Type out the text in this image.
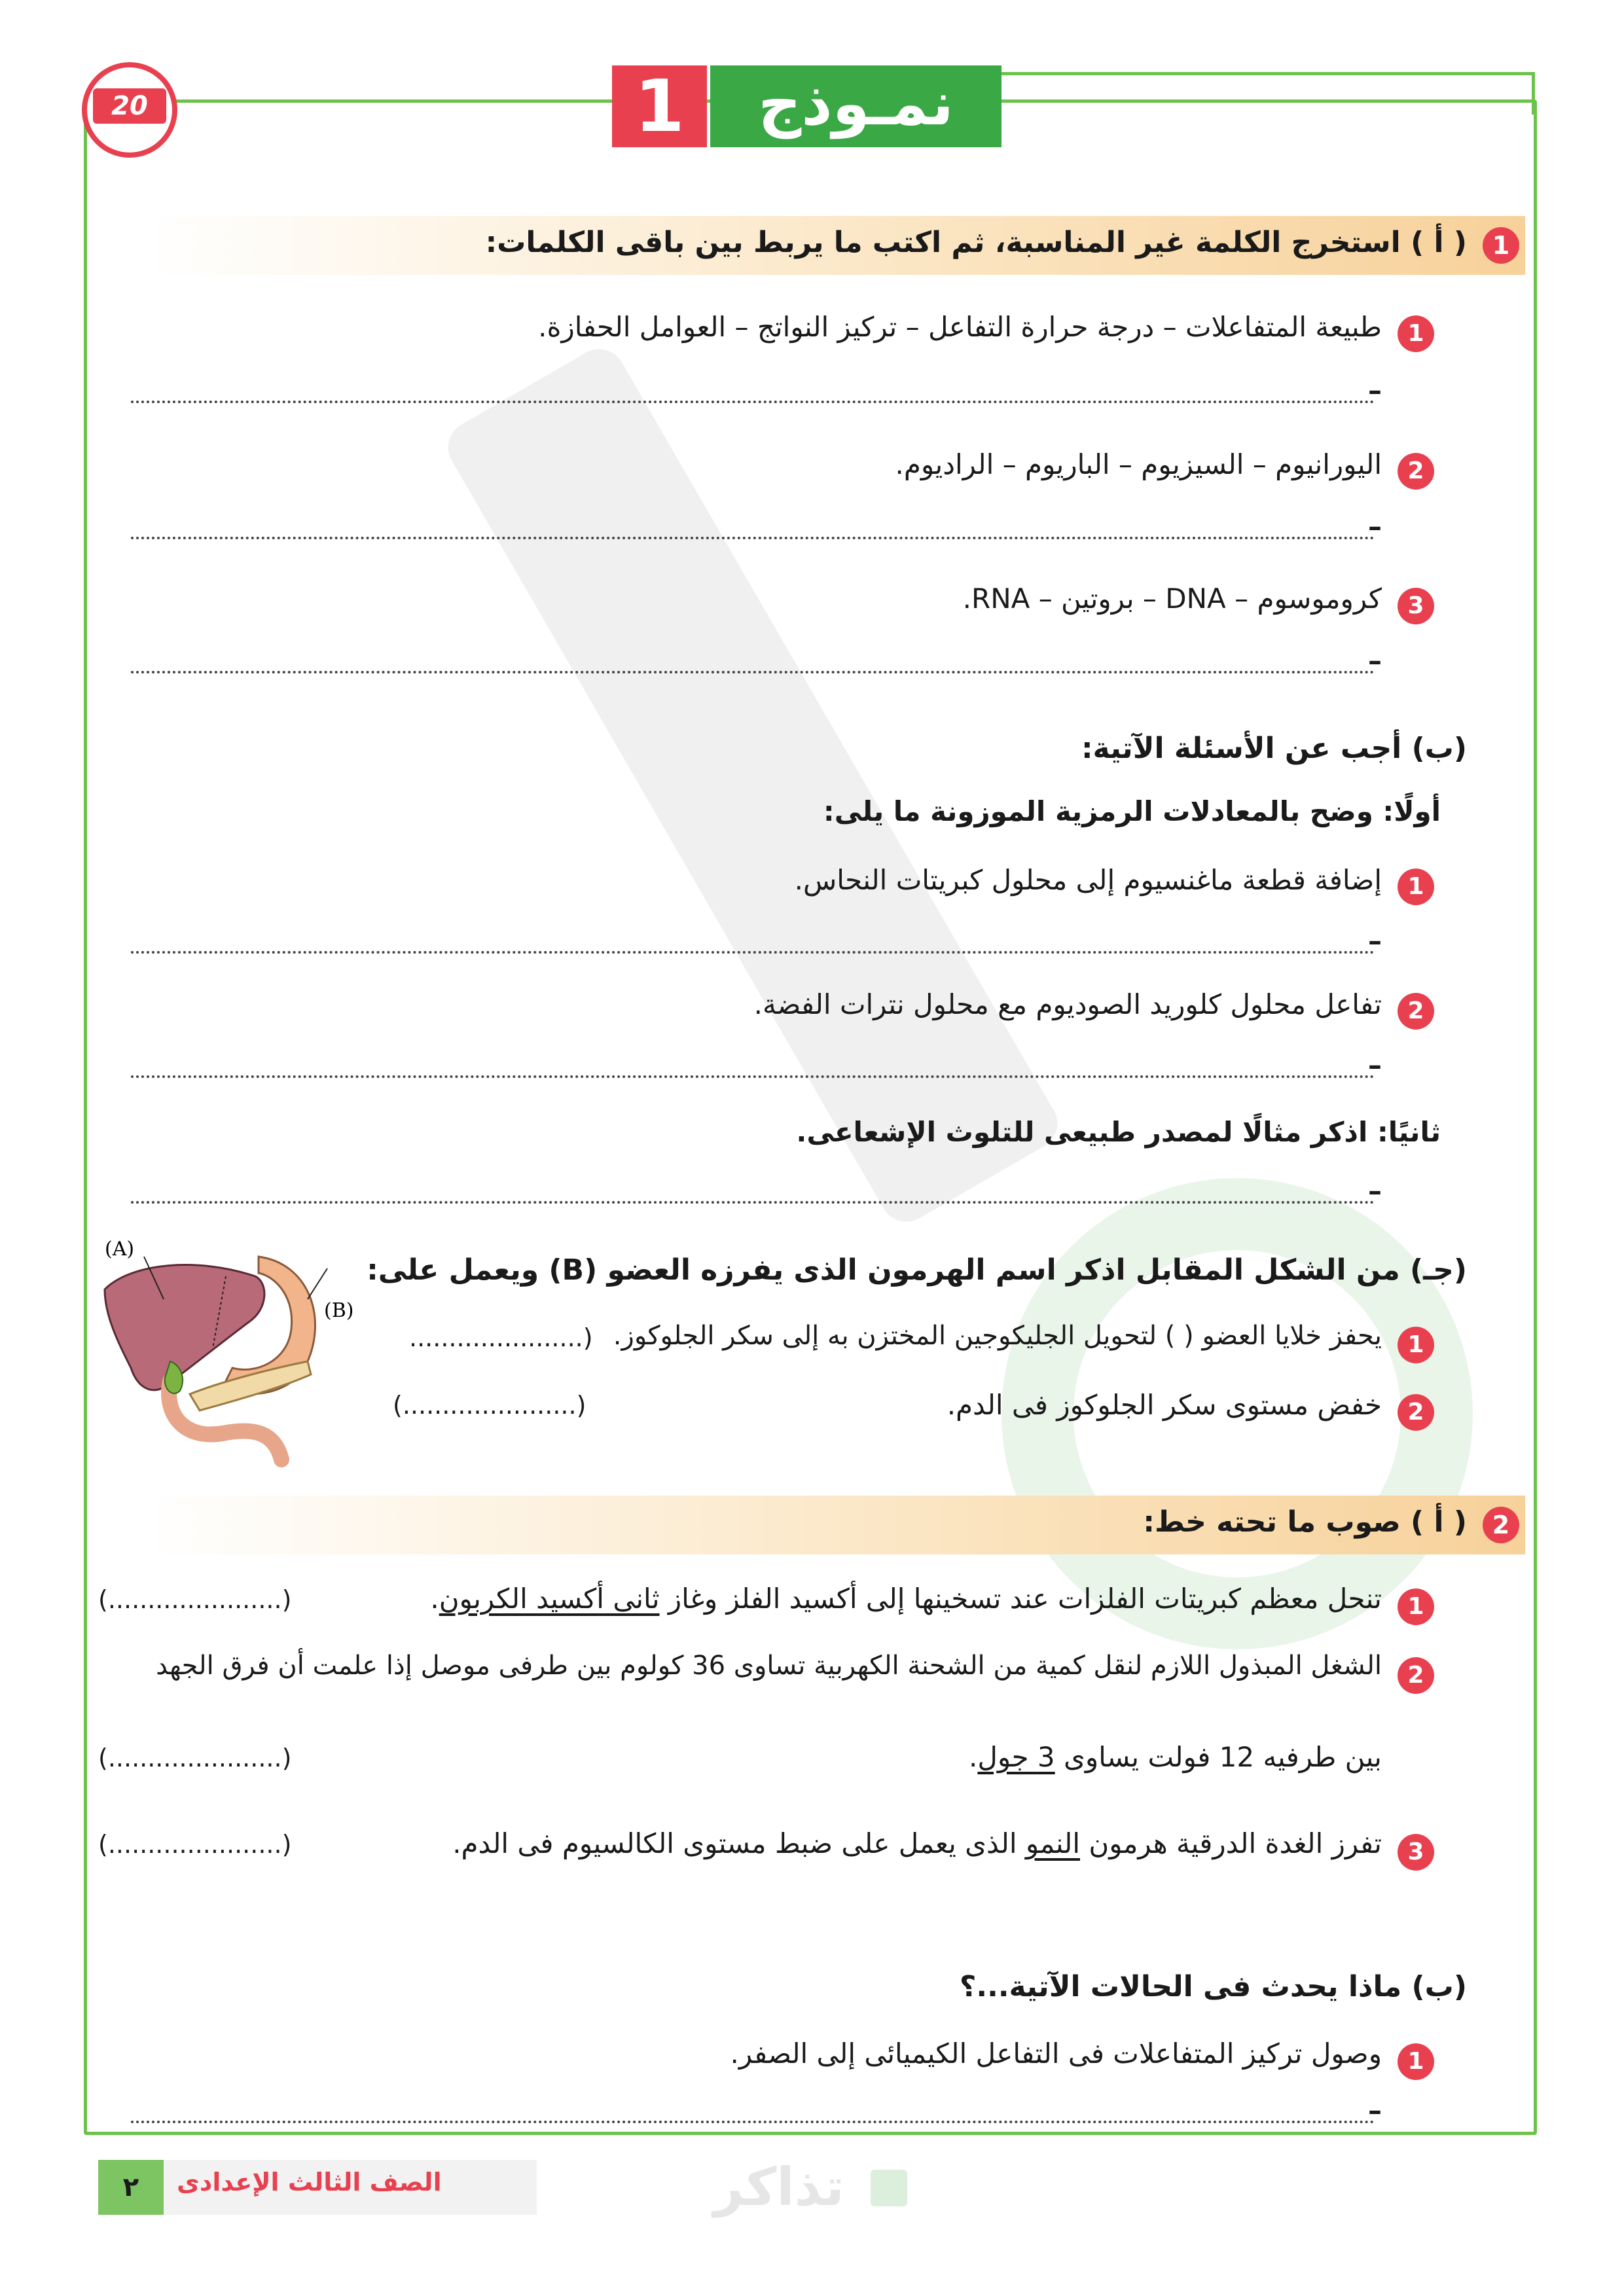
20	نمـوذج
1
1
( أ ) استخرج الكلمة غير المناسبة، ثم اكتب ما يربط بين باقى الكلمات:
1
طبيعة المتفاعلات – درجة حرارة التفاعل – تركيز النواتج – العوامل الحفازة.
–
2
اليورانيوم – السيزيوم – الباريوم – الراديوم.
–
3
كروموسوم – DNA – بروتين – RNA.
–
(ب) أجب عن الأسئلة الآتية:
أولًا: وضح بالمعادلات الرمزية الموزونة ما يلى:
1
إضافة قطعة ماغنسيوم إلى محلول كبريتات النحاس.
–
2
تفاعل محلول كلوريد الصوديوم مع محلول نترات الفضة.
–
ثانيًا: اذكر مثالًا لمصدر طبيعى للتلوث الإشعاعى.
–
(جـ) من الشكل المقابل اذكر اسم الهرمون الذى يفرزه العضو (B) ويعمل على:
1
يحفز خلايا العضو ( ) لتحويل الجليكوجين المختزن به إلى سكر الجلوكوز.
(......................
2
خفض مستوى سكر الجلوكوز فى الدم.
(......................)
(A)
(B)
2
( أ ) صوب ما تحته خط:
1
تنحل معظم كبريتات الفلزات عند تسخينها إلى أكسيد الفلز وغاز ثانى أكسيد الكربون.
(......................)
2
الشغل المبذول اللازم لنقل كمية من الشحنة الكهربية تساوى 36 كولوم بين طرفى موصل إذا علمت أن فرق الجهد
بين طرفيه 12 فولت يساوى 3 جول.
(......................)
3
تفرز الغدة الدرقية هرمون النمو الذى يعمل على ضبط مستوى الكالسيوم فى الدم.
(......................)
(ب) ماذا يحدث فى الحالات الآتية...؟
1
وصول تركيز المتفاعلات فى التفاعل الكيميائى إلى الصفر.
–
٢	الصف الثالث الإعدادى	تذاكر
